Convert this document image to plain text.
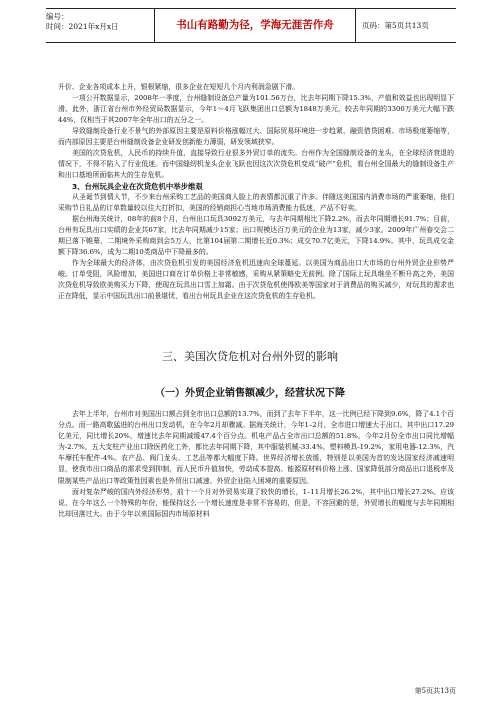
编号：
时间：2021年x月x日	书山有路勤为径，学海无涯苦作舟	页码：第5页共13页

升价、企业各项成本上升，银根紧缩，很多企业在短短几个月内利润急剧下滑。

一项公开数据显示，2008年一季度，台州缝制设备总产量为101.56万台，比去年同期下降15.3%，产值和效益也出现明显下滑。此外，浙江省台州市外经贸局数据显示，今年1～4月飞跃集团出口总额为1848万美元，较去年同期的3300万美元大幅下跌44%，仅相当于其2007年全年出口的五分之一。

导致缝制设备行业不景气的外部原因主要是原料价格涨幅过大、国际贸易环境进一步趋紧、融资借贷困难、市场极度萎缩等，而内部原因主要是台州缝制设备企业研发创新能力薄弱，研发领域狭窄。

美国的次贷危机，人民币的持续升值，直接导致行业很多外贸订单的流失。台州作为全国缝制设备的龙头，在全球经济衰退的情况下，不得不陷入了行业低迷。而中国缝纫机龙头企业飞跃也因这次次贷危机变成“破产”危机，看台州全国最大的缝制设备生产和出口基地所面临其大的生存危机。

3、台州玩具企业在次贷危机中举步维艰

从圣诞节到情人节，不少来台州采购工艺品的美国商人脸上的表情都沉重了许多。伴随这美国国内消费市场的严重萎缩，他们采购节日礼品的订单数量较以往大打折扣，美国的经销商担心当地市场消费能力低迷，产品不好卖。

据台州海关统计，08年的前8个月，台州出口玩具3092万美元，与去年同期相比下降2.2%，而去年同期增长91.7%；目前，台州有玩具出口实绩的企业共67家，比去年同期减少15家；出口规模达百万美元的企业为13家，减少3家。2009年广州春交会二期已落下帷幕，二期境外采购商到会5万人，比第104届第二期增长近0.3%；成交70.7亿美元，下降14.9%。其中，玩具成交金额下降36.6%，成为二期10类商品中下降最多的。

作为全球最大的经济体，由次贷危机引发的美国经济危机迅速向全球蔓延。以美国为商品出口大市场的台州外贸企业形势严峻。订单受阻，风险增加，美国进口商在订单价格上非常敏感，采购从紧策略史无前例。除了国际上玩具继坐不断升高之外，美国次贷危机导致欧美购买力下降，使现在玩具出口雪上加霜。由于次贷危机使得欧美等国家对于消费品的购买减少，对玩具的需求也正在降低，显示中国玩具出口前景堪忧，看出台州玩具企业在这次贷危机的生存危机。

三、美国次贷危机对台州外贸的影响
（一）外贸企业销售额减少，经营状况下降

去年上半年，台州市对美国出口额占到全市出口总额的13.7%，而到了去年下半年，这一比例已经下降到9.6%，降了4.1个百分点。而一路高歌猛进的台州出口发动机，在今年2月却骤减。据海关统计，今年1–2月，全市进口增速大于出口。其中出口17.29亿美元，同比增长20%，增速比去年同期减缓47.4个百分点。机电产品占全市出口总额的51.8%，今年2月份全市出口同比增幅为-2.7%，五大支柱产业出口除医药化工外，都比去年同期下降，其中服装机械-33.4%，塑料模具-19.2%，家用电器-12.3%，汽车摩托车配件-4%。农产品、阀门龙头、工艺品等都大幅度下降。世界经济增长放缓，特别是以美国为首的发达国家经济减速明显，使我市出口商品的需求受到抑制，而人民币升值加快，劳动成本提高、能源原材料价格上涨、国家降低部分商品出口退税率及限制某些产品出口等政策性因素也是外贸出口减速、外贸企业陷入困境的重要原因。

面对复杂严峻的国内外经济形势，前十一个月对外贸易实现了较快的增长，1–11月增长26.2%，其中出口增长27.2%。应该说，在今年这么一个特殊的年份，能保持这么一个增长速度是非常不容易的，但是，不容回避的是，外贸增长的幅度与去年同期相比却回落过大。由于今年以来国际国内市场原材料

第5页共13页
